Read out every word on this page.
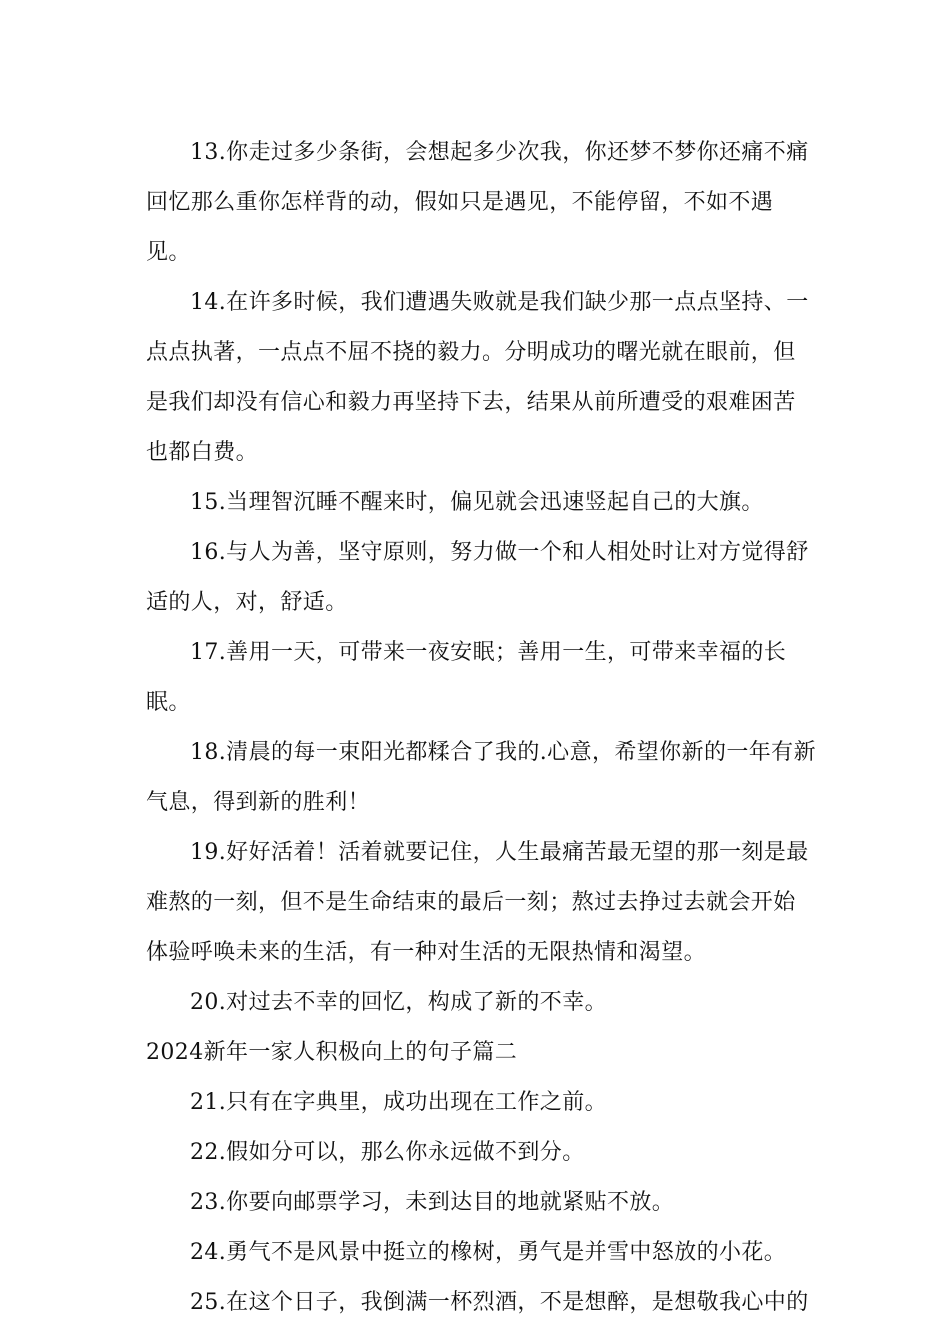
13.你走过多少条街，会想起多少次我，你还梦不梦你还痛不痛回忆那么重你怎样背的动，假如只是遇见，不能停留，不如不遇见。

14.在许多时候，我们遭遇失败就是我们缺少那一点点坚持、一点点执著，一点点不屈不挠的毅力。分明成功的曙光就在眼前，但是我们却没有信心和毅力再坚持下去，结果从前所遭受的艰难困苦也都白费。

15.当理智沉睡不醒来时，偏见就会迅速竖起自己的大旗。

16.与人为善，坚守原则，努力做一个和人相处时让对方觉得舒适的人，对，舒适。

17.善用一天，可带来一夜安眠；善用一生，可带来幸福的长眠。

18.清晨的每一束阳光都糅合了我的.心意，希望你新的一年有新气息，得到新的胜利！

19.好好活着！活着就要记住，人生最痛苦最无望的那一刻是最难熬的一刻，但不是生命结束的最后一刻；熬过去挣过去就会开始体验呼唤未来的生活，有一种对生活的无限热情和渴望。

20.对过去不幸的回忆，构成了新的不幸。

2024新年一家人积极向上的句子篇二

21.只有在字典里，成功出现在工作之前。

22.假如分可以，那么你永远做不到分。

23.你要向邮票学习，未到达目的地就紧贴不放。

24.勇气不是风景中挺立的橡树，勇气是并雪中怒放的小花。

25.在这个日子，我倒满一杯烈酒，不是想醉，是想敬我心中的
